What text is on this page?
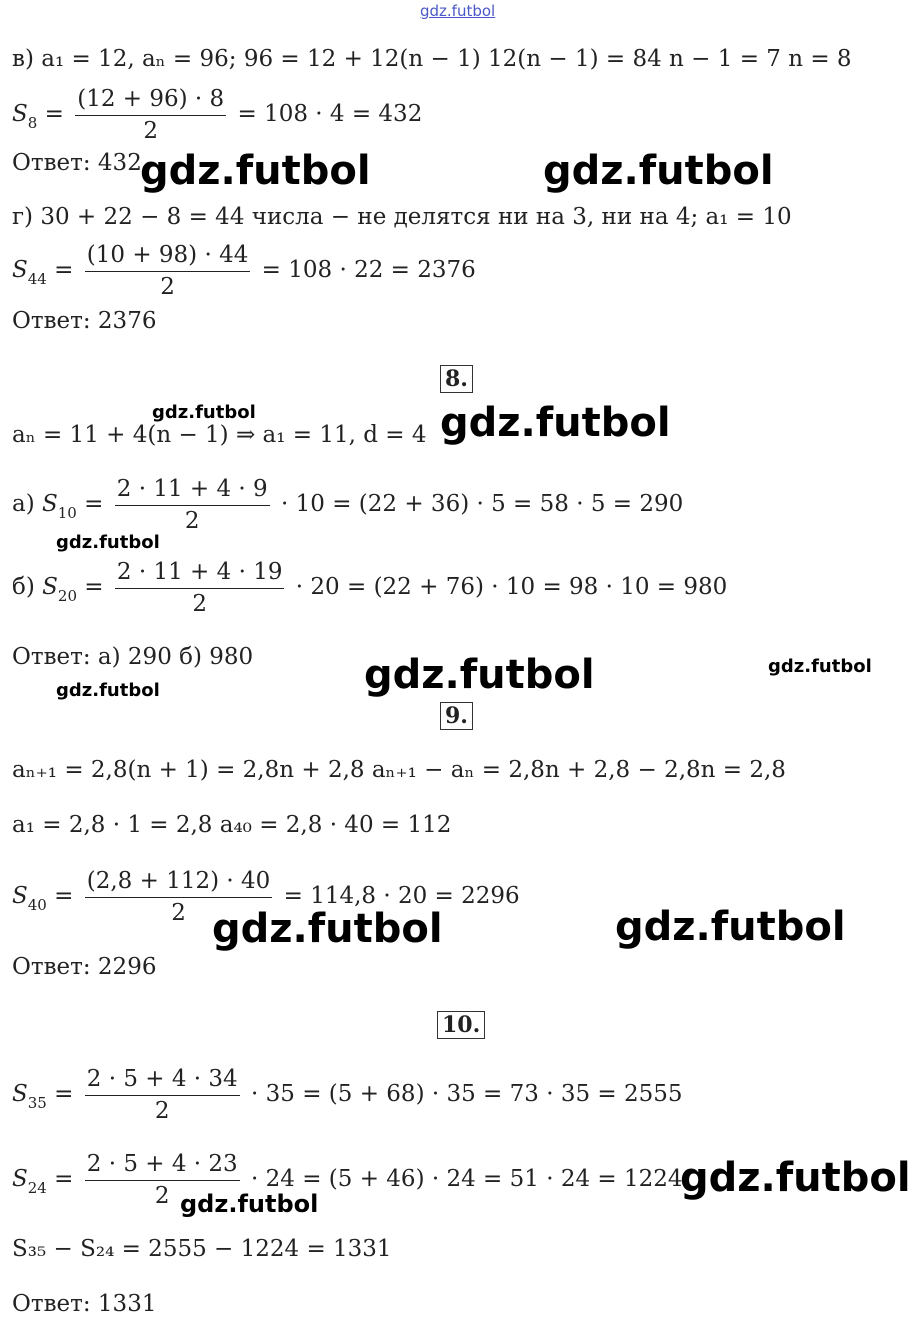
gdz.futbol
в) a₁ = 12, aₙ = 96; 96 = 12 + 12(n − 1) 12(n − 1) = 84 n − 1 = 7 n = 8
$S_8 = \frac{(12 + 96) \cdot 8}{2} = 108 \cdot 4 = 432$
Ответ: 432
г) 30 + 22 − 8 = 44 числа − не делятся ни на 3, ни на 4; a₁ = 10
$S_{44} = \frac{(10 + 98) \cdot 44}{2} = 108 \cdot 22 = 2376$
Ответ: 2376
8.
aₙ = 11 + 4(n − 1) ⇒ a₁ = 11, d = 4
а) $S_{10} = \frac{2 \cdot 11 + 4 \cdot 9}{2} \cdot 10 = (22 + 36) \cdot 5 = 58 \cdot 5 = 290$
б) $S_{20} = \frac{2 \cdot 11 + 4 \cdot 19}{2} \cdot 20 = (22 + 76) \cdot 10 = 98 \cdot 10 = 980$
Ответ: а) 290 б) 980
9.
aₙ₊₁ = 2,8(n + 1) = 2,8n + 2,8 aₙ₊₁ − aₙ = 2,8n + 2,8 − 2,8n = 2,8
a₁ = 2,8 · 1 = 2,8 a₄₀ = 2,8 · 40 = 112
$S_{40} = \frac{(2,8 + 112) \cdot 40}{2} = 114,8 \cdot 20 = 2296$
Ответ: 2296
10.
$S_{35} = \frac{2 \cdot 5 + 4 \cdot 34}{2} \cdot 35 = (5 + 68) \cdot 35 = 73 \cdot 35 = 2555$
$S_{24} = \frac{2 \cdot 5 + 4 \cdot 23}{2} \cdot 24 = (5 + 46) \cdot 24 = 51 \cdot 24 = 1224$
S₃₅ − S₂₄ = 2555 − 1224 = 1331
Ответ: 1331
gdz.futbol	gdz.futbol
gdz.futbol	gdz.futbol
gdz.futbol
gdz.futbol	gdz.futbol
gdz.futbol
gdz.futbol	gdz.futbol
gdz.futbol
gdz.futbol
